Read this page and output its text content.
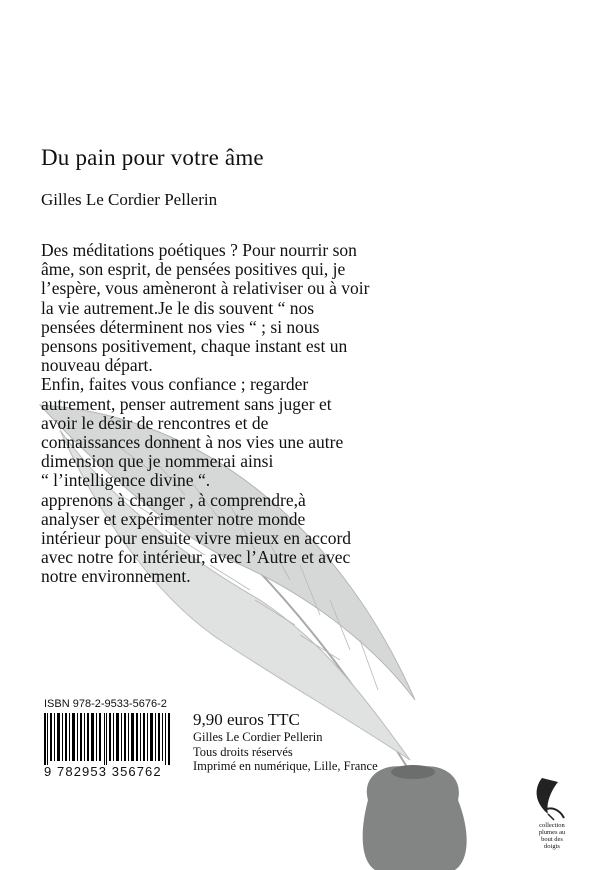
Du pain pour votre âme
Gilles Le Cordier Pellerin
Des méditations poétiques ? Pour nourrir son
âme, son esprit, de pensées positives qui, je
l’espère, vous amèneront à relativiser ou à voir
la vie autrement.Je le dis souvent “ nos
pensées déterminent nos vies “ ; si nous
pensons positivement, chaque instant est un
nouveau départ.
Enfin, faites vous confiance ; regarder
autrement, penser autrement sans juger et
avoir le désir de rencontres et de
connaissances donnent à nos vies une autre
dimension que je nommerai ainsi
“ l’intelligence divine “.
apprenons à changer , à comprendre,à
analyser et expérimenter notre monde
intérieur pour ensuite vivre mieux en accord
avec notre for intérieur, avec l’Autre et avec
notre environnement.
ISBN 978-2-9533-5676-2
9 782953 356762
9,90 euros TTC
Gilles Le Cordier Pellerin
Tous droits réservés
Imprimé en numérique, Lille, France
collection
plumes au
bout des
doigts
